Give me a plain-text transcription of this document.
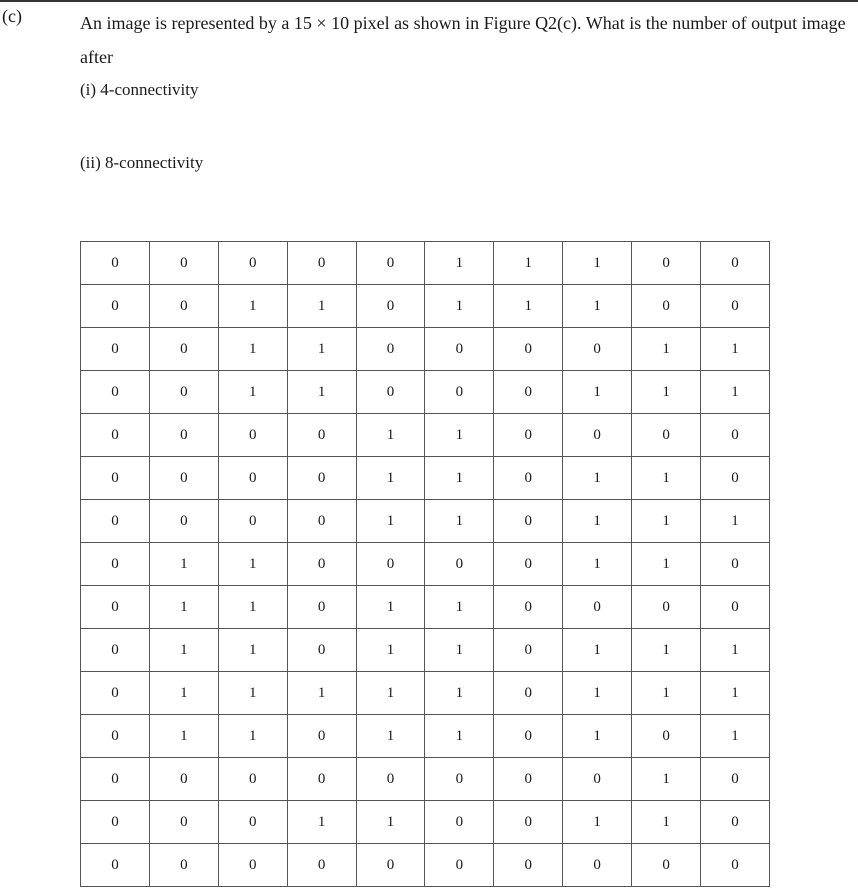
(c)	An image is represented by a 15 × 10 pixel as shown in Figure Q2(c). What is the number of output image after

(i) 4-connectivity

(ii) 8-connectivity

0	0	0	0	0	1	1	1	0	0
0	0	1	1	0	1	1	1	0	0
0	0	1	1	0	0	0	0	1	1
0	0	1	1	0	0	0	1	1	1
0	0	0	0	1	1	0	0	0	0
0	0	0	0	1	1	0	1	1	0
0	0	0	0	1	1	0	1	1	1
0	1	1	0	0	0	0	1	1	0
0	1	1	0	1	1	0	0	0	0
0	1	1	0	1	1	0	1	1	1
0	1	1	1	1	1	0	1	1	1
0	1	1	0	1	1	0	1	0	1
0	0	0	0	0	0	0	0	1	0
0	0	0	1	1	0	0	1	1	0
0	0	0	0	0	0	0	0	0	0
